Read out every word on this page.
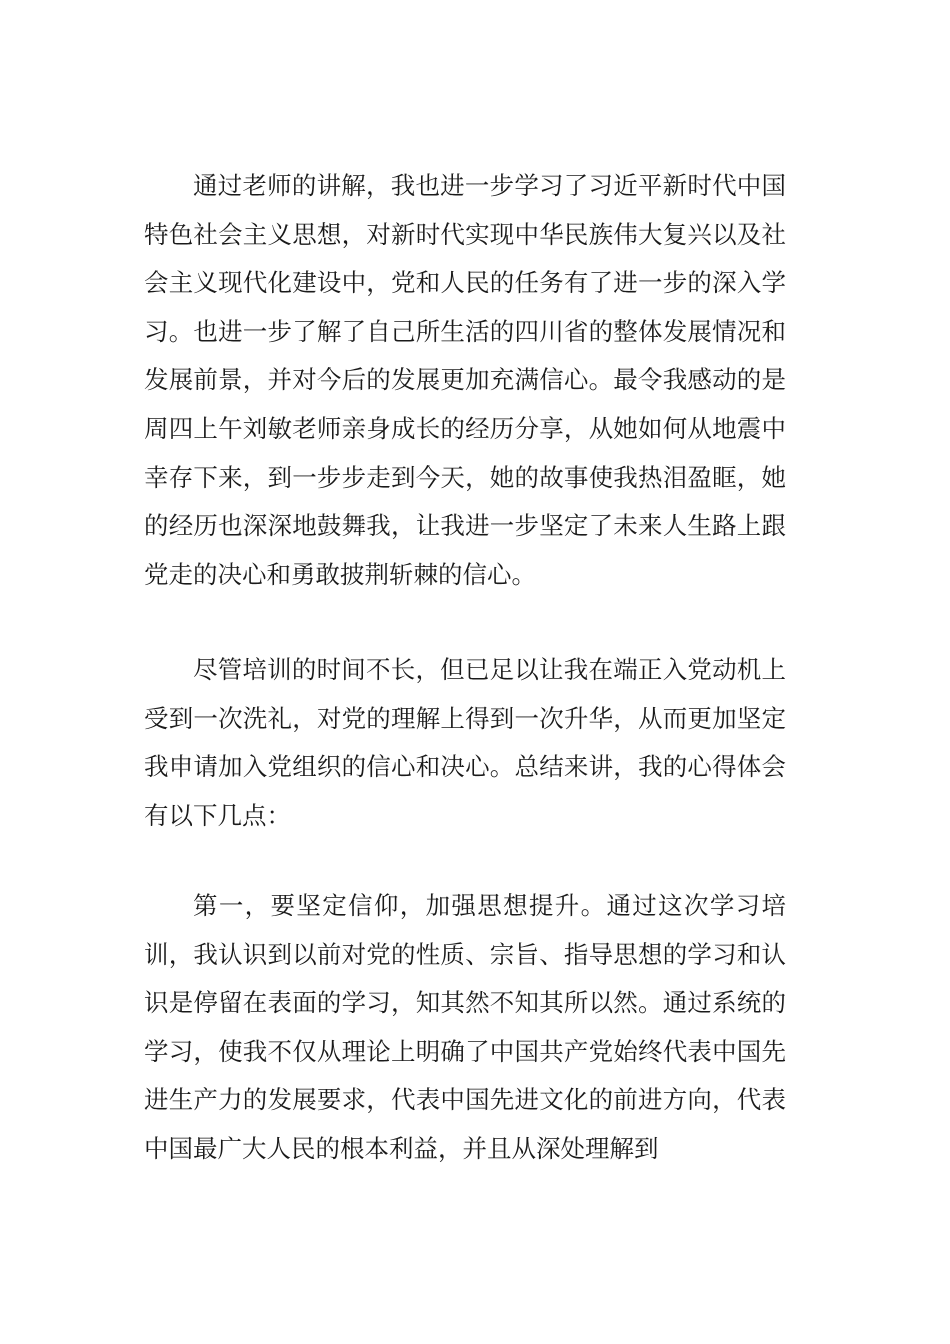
通过老师的讲解，我也进一步学习了习近平新时代中国特色社会主义思想，对新时代实现中华民族伟大复兴以及社会主义现代化建设中，党和人民的任务有了进一步的深入学习。也进一步了解了自己所生活的四川省的整体发展情况和发展前景，并对今后的发展更加充满信心。最令我感动的是周四上午刘敏老师亲身成长的经历分享，从她如何从地震中幸存下来，到一步步走到今天，她的故事使我热泪盈眶，她的经历也深深地鼓舞我，让我进一步坚定了未来人生路上跟党走的决心和勇敢披荆斩棘的信心。

尽管培训的时间不长，但已足以让我在端正入党动机上受到一次洗礼，对党的理解上得到一次升华，从而更加坚定我申请加入党组织的信心和决心。总结来讲，我的心得体会有以下几点：

第一，要坚定信仰，加强思想提升。通过这次学习培训，我认识到以前对党的性质、宗旨、指导思想的学习和认识是停留在表面的学习，知其然不知其所以然。通过系统的学习，使我不仅从理论上明确了中国共产党始终代表中国先进生产力的发展要求，代表中国先进文化的前进方向，代表中国最广大人民的根本利益，并且从深处理解到
